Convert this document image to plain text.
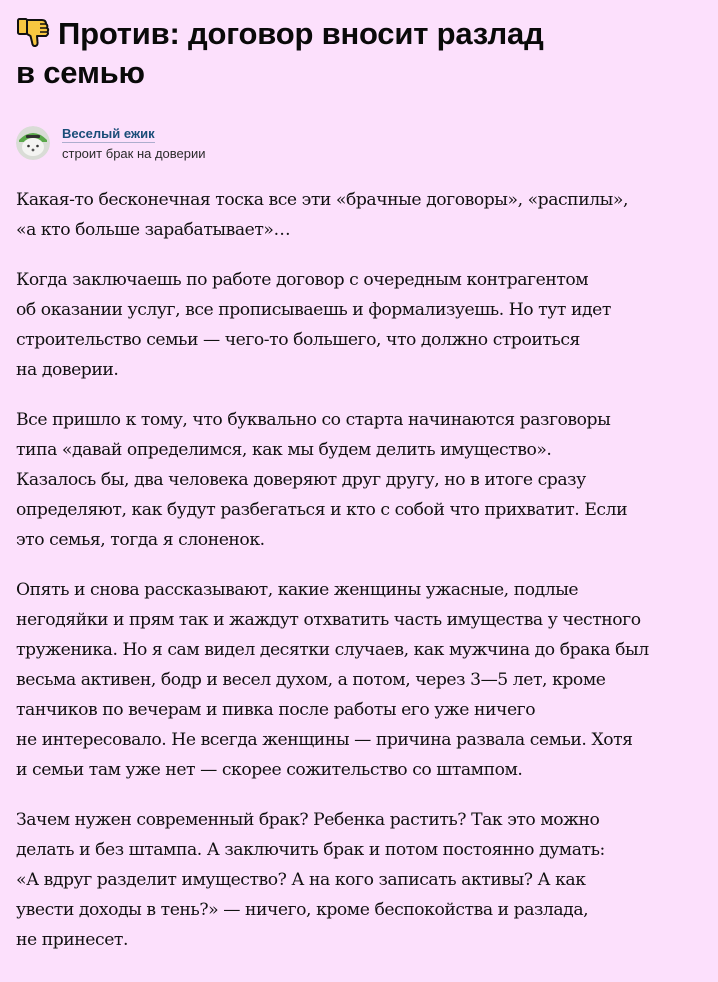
Против: договор вносит разлад
в семью
Веселый ежик
строит брак на доверии

Какая-то бесконечная тоска все эти «брачные договоры», «распилы»,
«а кто больше зарабатывает»…

Когда заключаешь по работе договор с очередным контрагентом
об оказании услуг, все прописываешь и формализуешь. Но тут идет
строительство семьи — чего-то большего, что должно строиться
на доверии.

Все пришло к тому, что буквально со старта начинаются разговоры
типа «давай определимся, как мы будем делить имущество».
Казалось бы, два человека доверяют друг другу, но в итоге сразу
определяют, как будут разбегаться и кто с собой что прихватит. Если
это семья, тогда я слоненок.

Опять и снова рассказывают, какие женщины ужасные, подлые
негодяйки и прям так и жаждут отхватить часть имущества у честного
труженика. Но я сам видел десятки случаев, как мужчина до брака был
весьма активен, бодр и весел духом, а потом, через 3—5 лет, кроме
танчиков по вечерам и пивка после работы его уже ничего
не интересовало. Не всегда женщины — причина развала семьи. Хотя
и семьи там уже нет — скорее сожительство со штампом.

Зачем нужен современный брак? Ребенка растить? Так это можно
делать и без штампа. А заключить брак и потом постоянно думать:
«А вдруг разделит имущество? А на кого записать активы? А как
увести доходы в тень?» — ничего, кроме беспокойства и разлада,
не принесет.
